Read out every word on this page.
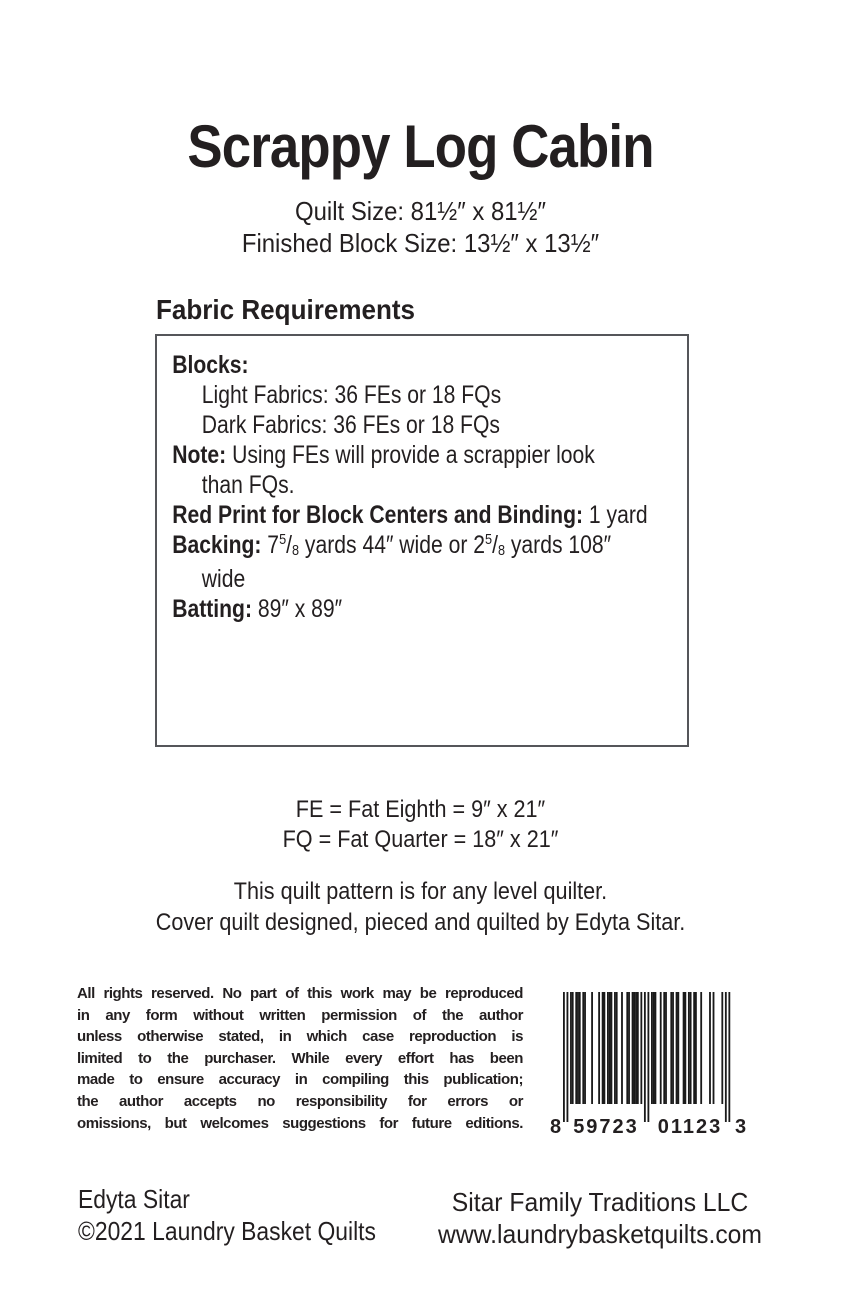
Scrappy Log Cabin
Quilt Size: 81½″ x 81½″
Finished Block Size: 13½″ x 13½″
Fabric Requirements

Blocks:

Light Fabrics: 36 FEs or 18 FQs

Dark Fabrics: 36 FEs or 18 FQs

Note: Using FEs will provide a scrappier look
than FQs.

Red Print for Block Centers and Binding: 1 yard

Backing: $7^5/_8$ yards 44″ wide or $2^5/_8$ yards 108″
wide

Batting: 89″ x 89″

FE = Fat Eighth = 9″ x 21″
FQ = Fat Quarter = 18″ x 21″
This quilt pattern is for any level quilter.
Cover quilt designed, pieced and quilted by Edyta Sitar.
All rights reserved. No part of this work may be reproduced
in any form without written permission of the author
unless otherwise stated, in which case reproduction is
limited to the purchaser. While every effort has been
made to ensure accuracy in compiling this publication;
the author accepts no responsibility for errors or
omissions, but welcomes suggestions for future editions. 8 59723 01123 3
Edyta Sitar
©2021 Laundry Basket Quilts
Sitar Family Traditions LLC
www.laundrybasketquilts.com
